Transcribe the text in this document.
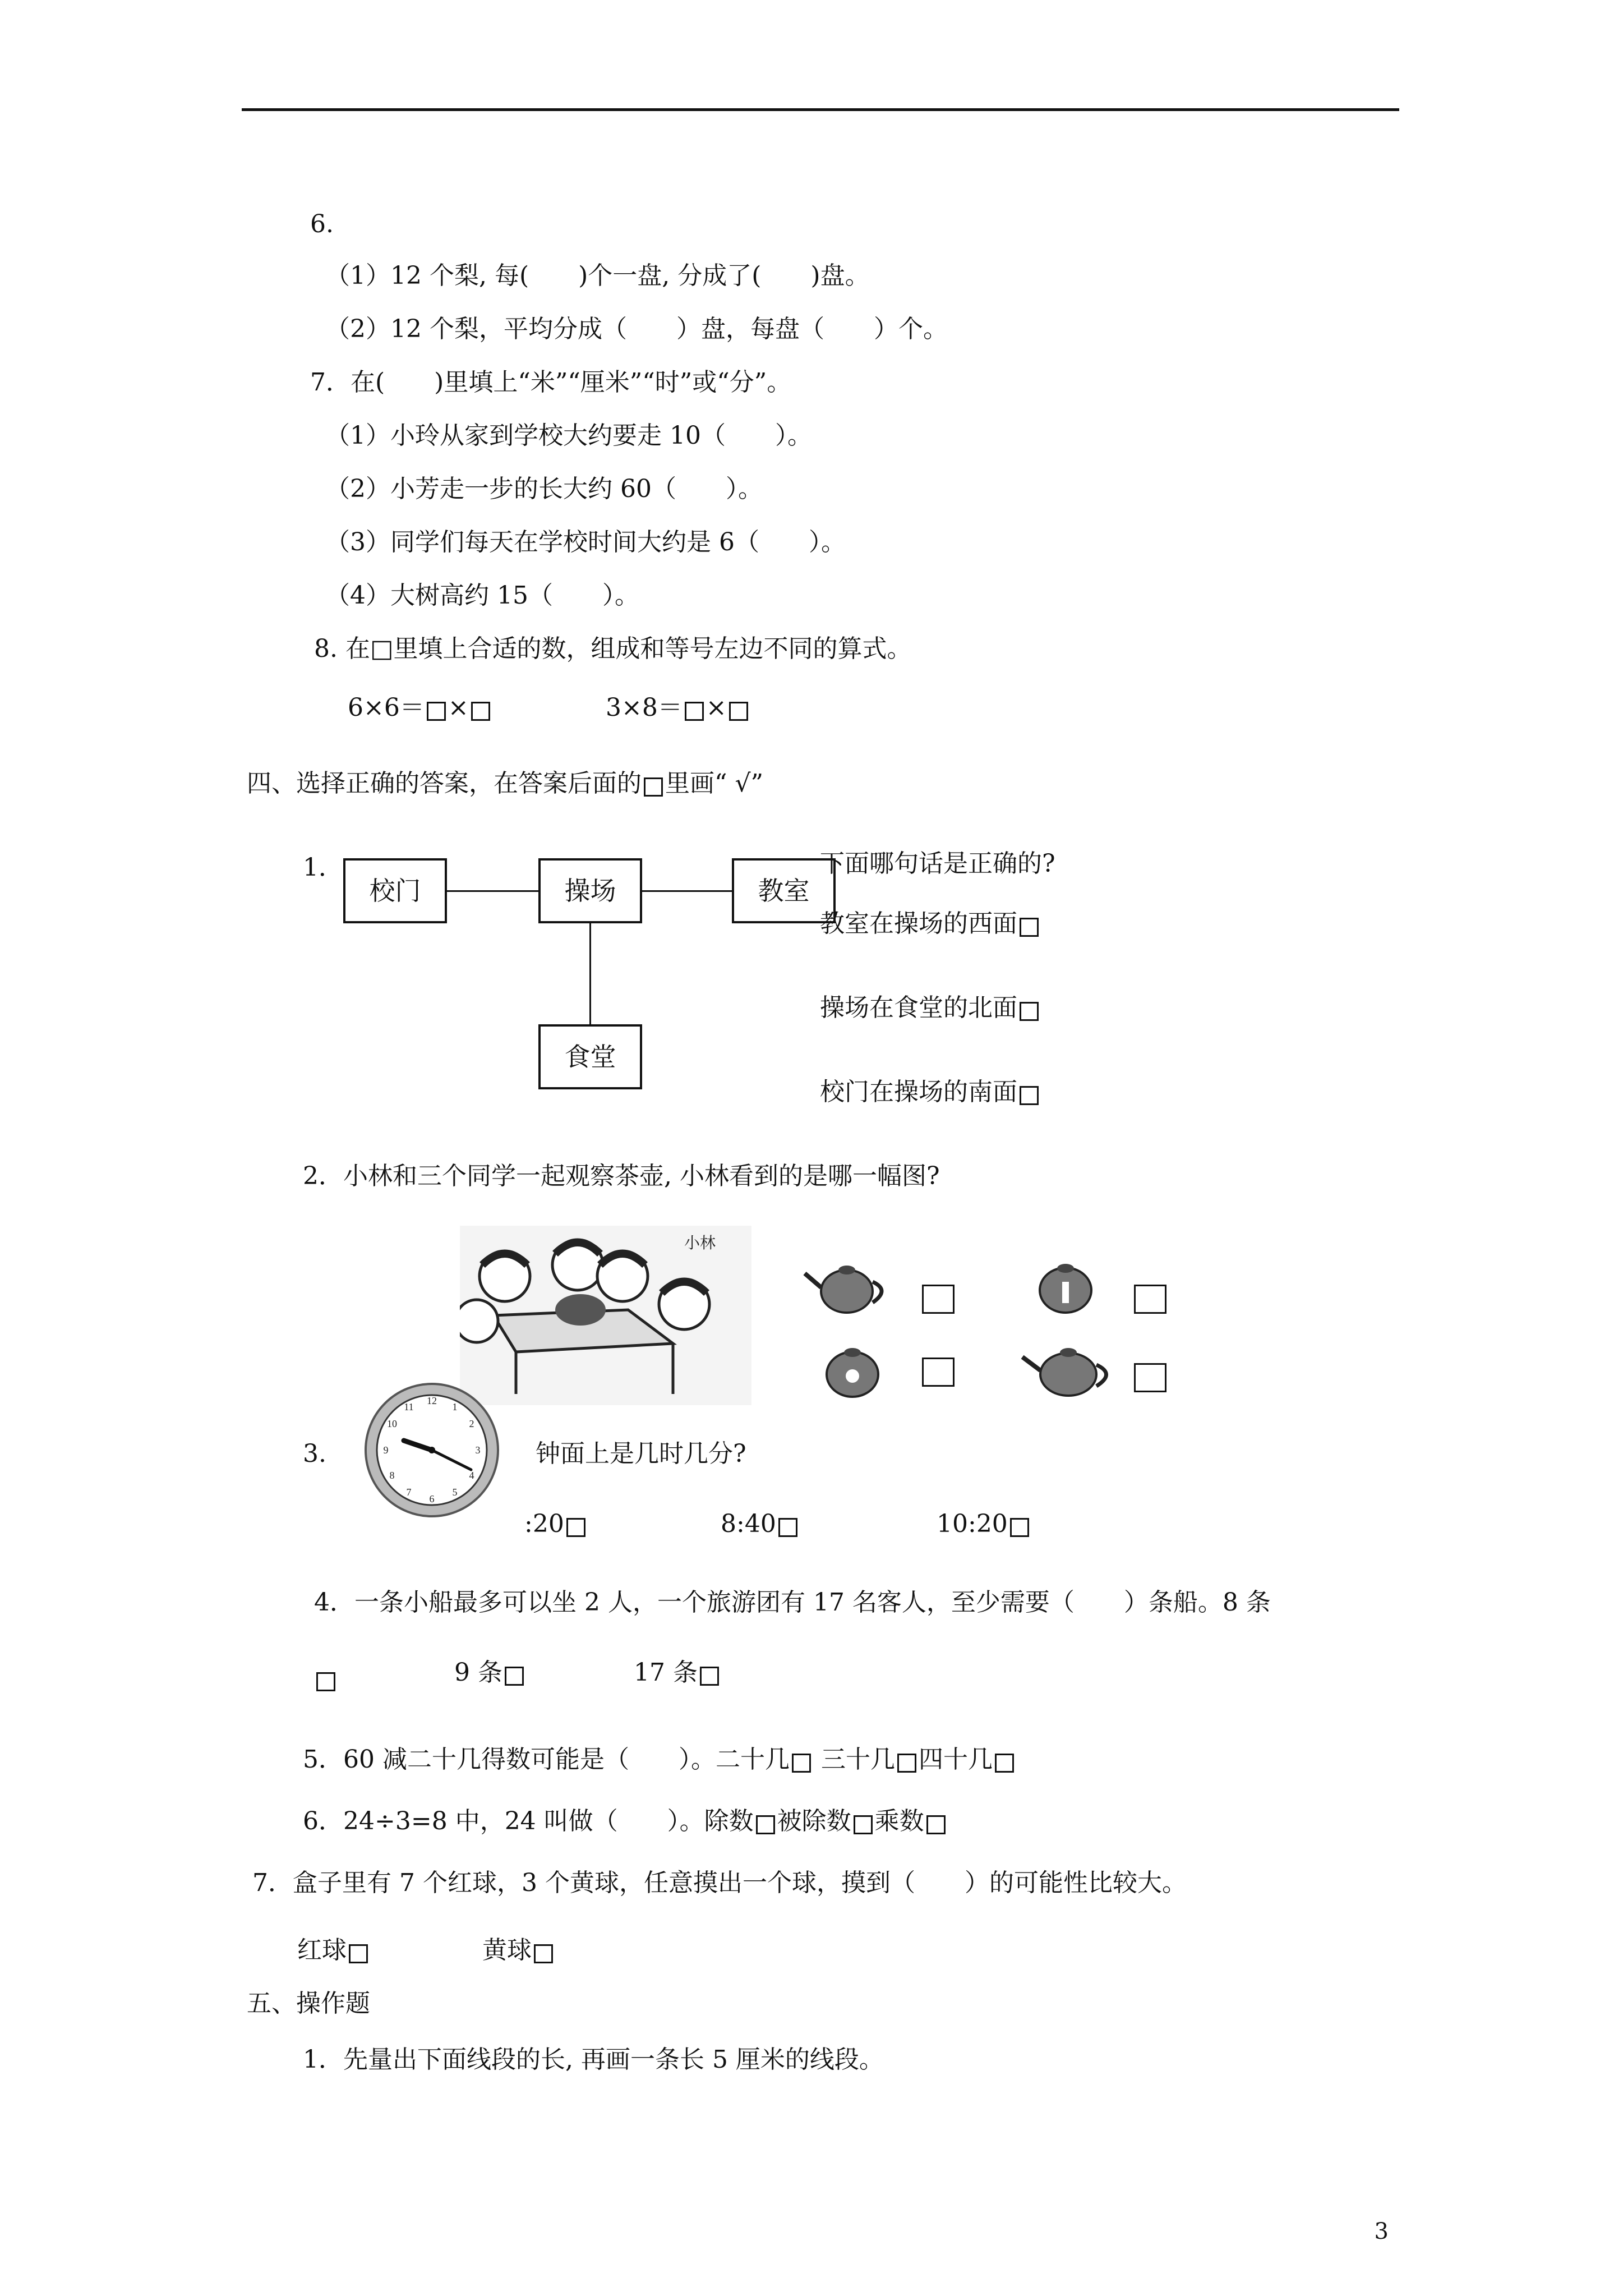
6.
（1）12 个梨, 每(　　)个一盘, 分成了(　　)盘。
（2）12 个梨，平均分成（　　）盘，每盘（　　）个。
7．在(　　)里填上“米”“厘米”“时”或“分”。
（1）小玲从家到学校大约要走 10（　　）。
（2）小芳走一步的长大约 60（　　）。
（3）同学们每天在学校时间大约是 6（　　）。
（4）大树高约 15（　　）。
8. 在□里填上合适的数，组成和等号左边不同的算式。
6×6＝ ×	3×8＝ ×
四、选择正确的答案，在答案后面的 里画“ √”
1．
校门	操场	教室
食堂
下面哪句话是正确的?
教室在操场的西面
操场在食堂的北面
校门在操场的南面
2．小林和三个同学一起观察茶壶, 小林看到的是哪一幅图?
小林
3.
12
1
2
3
4
5
6
7
8
9
10
11
钟面上是几时几分?
:20	8:40	10:20
4．一条小船最多可以坐 2 人，一个旅游团有 17 名客人，至少需要（　　）条船。8 条
9 条	17 条
5．60 减二十几得数可能是（　　）。二十几 三十几 四十几
6．24÷3=8 中，24 叫做（　　）。除数 被除数 乘数
7．盒子里有 7 个红球，3 个黄球，任意摸出一个球，摸到（　　）的可能性比较大。
红球	黄球
五、操作题
1．先量出下面线段的长, 再画一条长 5 厘米的线段。
3
